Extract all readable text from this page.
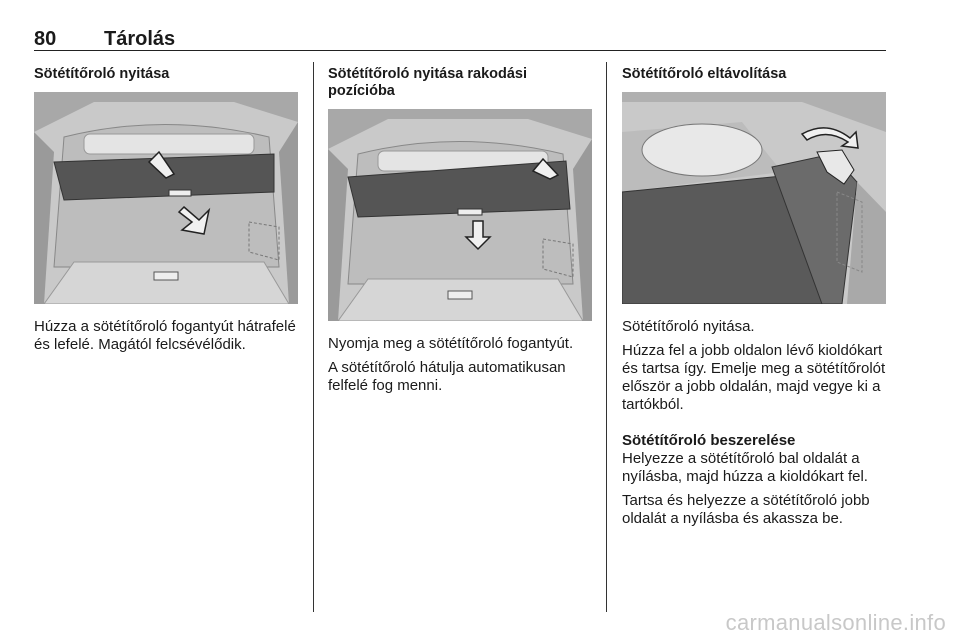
80 Tárolás
Sötétítőroló nyitása

Húzza a sötétítőroló fogantyút hátrafelé és lefelé. Magától felcsévélődik.

Sötétítőroló nyitása rakodási pozícióba

Nyomja meg a sötétítőroló fogantyút.

A sötétítőroló hátulja automatikusan felfelé fog menni.

Sötétítőroló eltávolítása

Sötétítőroló nyitása.

Húzza fel a jobb oldalon lévő kioldókart és tartsa így. Emelje meg a sötétítőrolót először a jobb oldalán, majd vegye ki a tartókból.

Sötétítőroló beszerelése

Helyezze a sötétítőroló bal oldalát a nyílásba, majd húzza a kioldókart fel.

Tartsa és helyezze a sötétítőroló jobb oldalát a nyílásba és akassza be.

carmanualsonline.info
